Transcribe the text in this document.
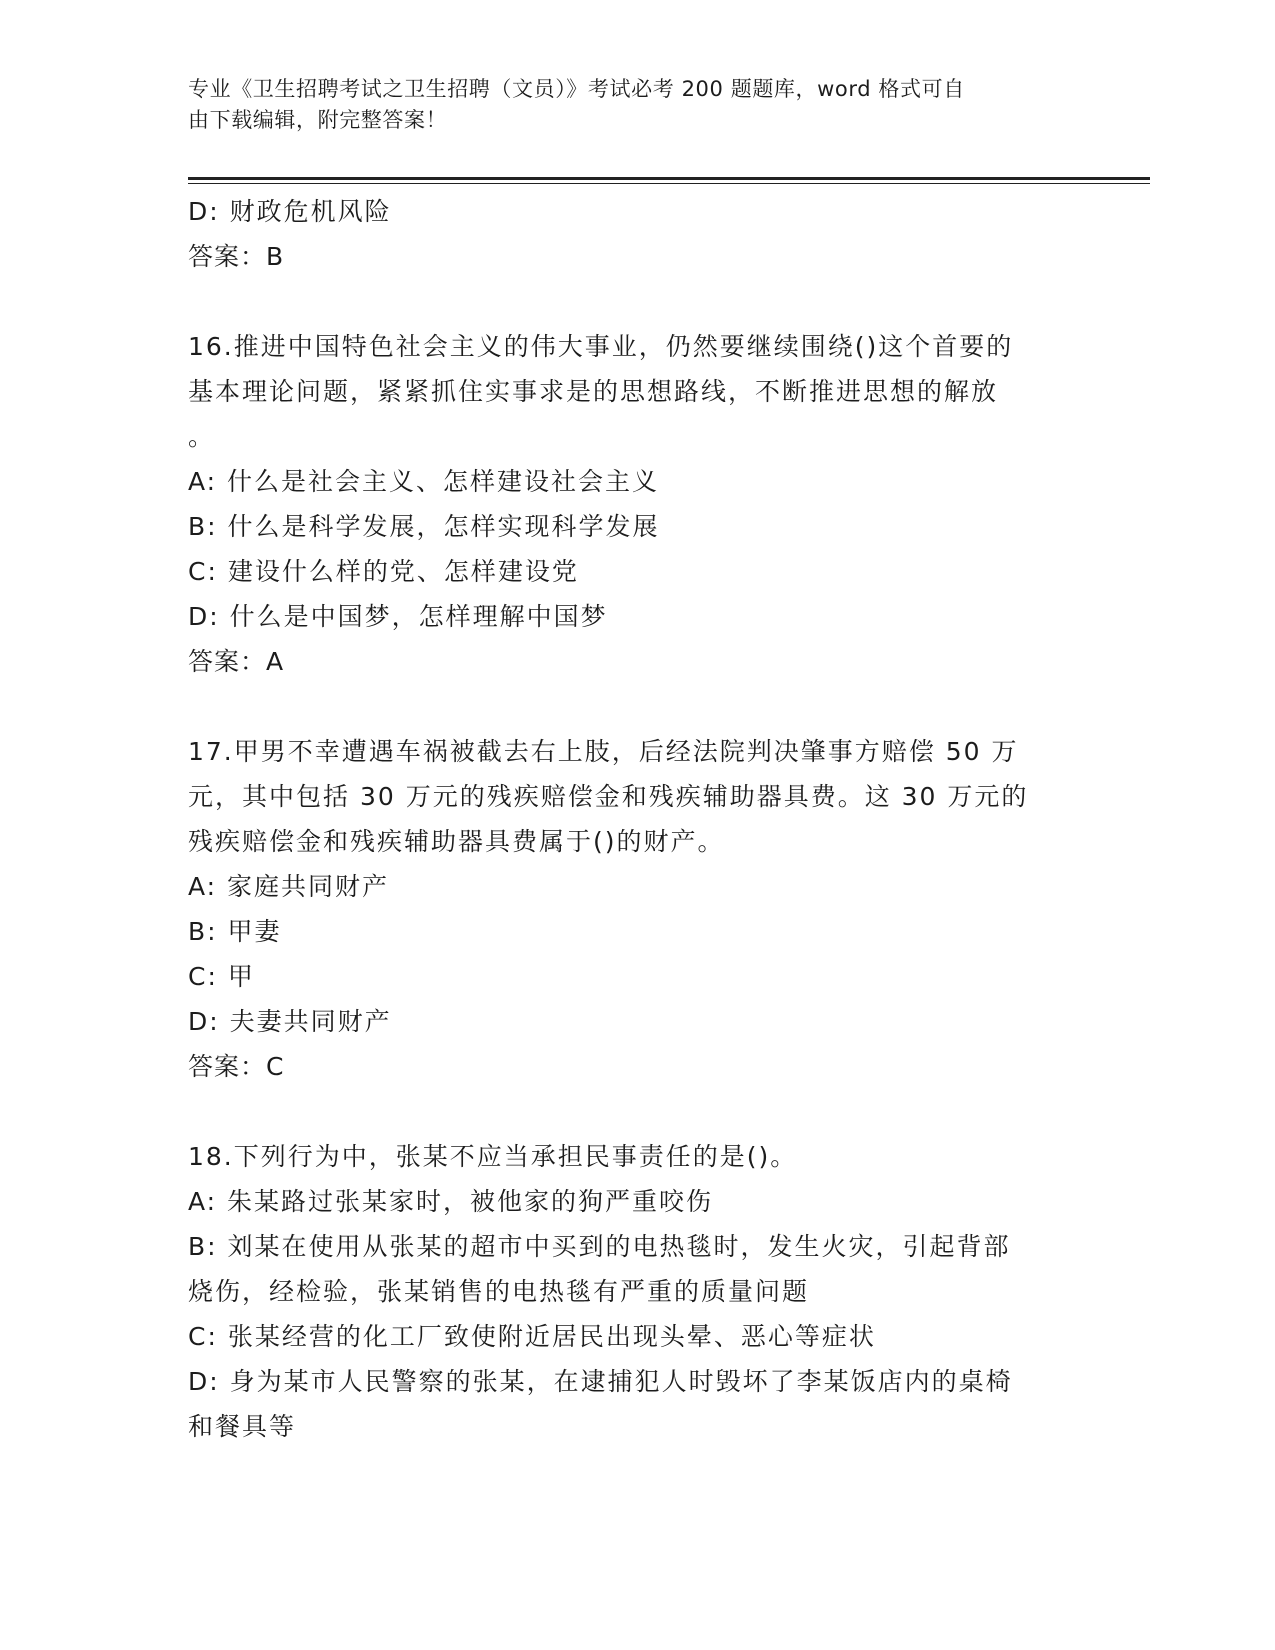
专业《卫生招聘考试之卫生招聘（文员）》考试必考 200 题题库，word 格式可自
由下载编辑，附完整答案！

D: 财政危机风险

答案：B

16.推进中国特色社会主义的伟大事业，仍然要继续围绕()这个首要的

基本理论问题，紧紧抓住实事求是的思想路线，不断推进思想的解放

。

A: 什么是社会主义、怎样建设社会主义

B: 什么是科学发展，怎样实现科学发展

C: 建设什么样的党、怎样建设党

D: 什么是中国梦，怎样理解中国梦

答案：A

17.甲男不幸遭遇车祸被截去右上肢，后经法院判决肇事方赔偿 50 万

元，其中包括 30 万元的残疾赔偿金和残疾辅助器具费。这 30 万元的

残疾赔偿金和残疾辅助器具费属于()的财产。

A: 家庭共同财产

B: 甲妻

C: 甲

D: 夫妻共同财产

答案：C

18.下列行为中，张某不应当承担民事责任的是()。

A: 朱某路过张某家时，被他家的狗严重咬伤

B: 刘某在使用从张某的超市中买到的电热毯时，发生火灾，引起背部

烧伤，经检验，张某销售的电热毯有严重的质量问题

C: 张某经营的化工厂致使附近居民出现头晕、恶心等症状

D: 身为某市人民警察的张某，在逮捕犯人时毁坏了李某饭店内的桌椅

和餐具等
